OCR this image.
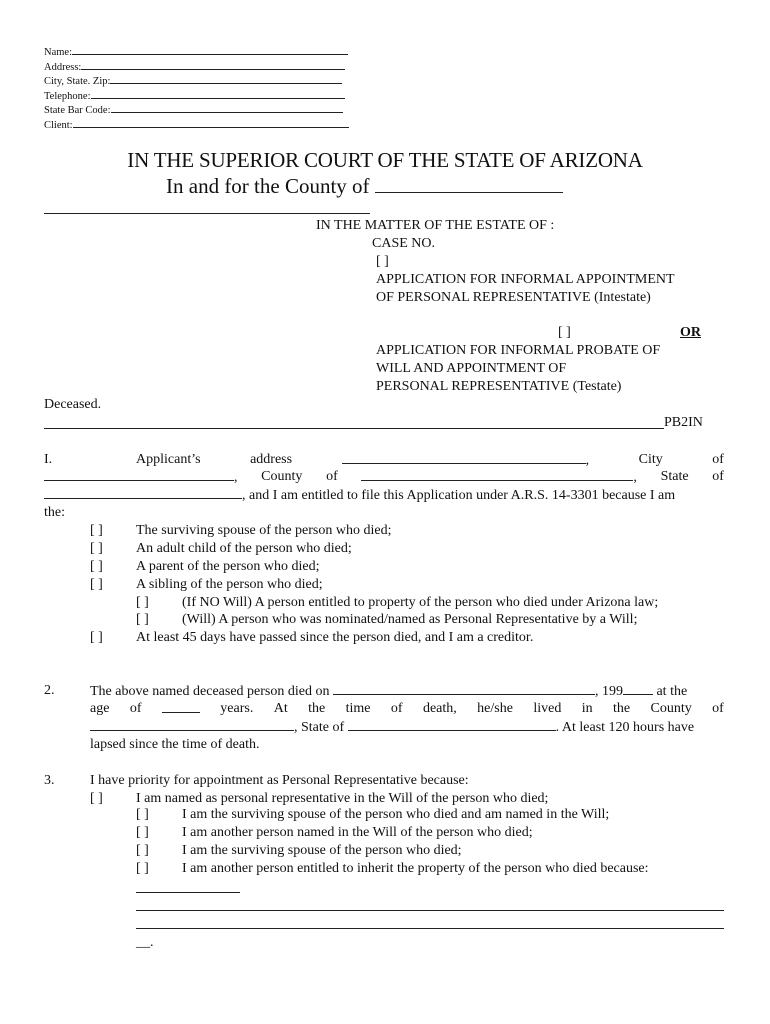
Name:
Address:
City, State. Zip:
Telephone:
State Bar Code:
Client:
IN THE SUPERIOR COURT OF THE STATE OF ARIZONA
In and for the County of
IN THE MATTER OF THE ESTATE OF :
CASE NO.
[ ]
APPLICATION FOR INFORMAL APPOINTMENT
OF PERSONAL REPRESENTATIVE (Intestate)
[ ]	OR
APPLICATION FOR INFORMAL PROBATE OF
WILL AND APPOINTMENT OF
PERSONAL REPRESENTATIVE (Testate)
Deceased.
PB2IN
I.	Applicant’s	address	,	City	of
, County of	, State of
, and I am entitled to file this Application under A.R.S. 14-3301 because I am
the:
[ ] The surviving spouse of the person who died;
[ ] An adult child of the person who died;
[ ] A parent of the person who died;
[ ] A sibling of the person who died;
[ ] (If NO Will) A person entitled to property of the person who died under Arizona law;
[ ] (Will) A person who was nominated/named as Personal Representative by a Will;
[ ] At least 45 days have passed since the person died, and I am a creditor.
2.	The above named deceased person died on	, 199 at the
age of	years. At the time of death, he/she lived in the County of
, State of	. At least 120 hours have
lapsed since the time of death.
3.	I have priority for appointment as Personal Representative because:
[ ] I am named as personal representative in the Will of the person who died;
[ ] I am the surviving spouse of the person who died and am named in the Will;
[ ] I am another person named in the Will of the person who died;
[ ] I am the surviving spouse of the person who died;
[ ] I am another person entitled to inherit the property of the person who died because:
__.
